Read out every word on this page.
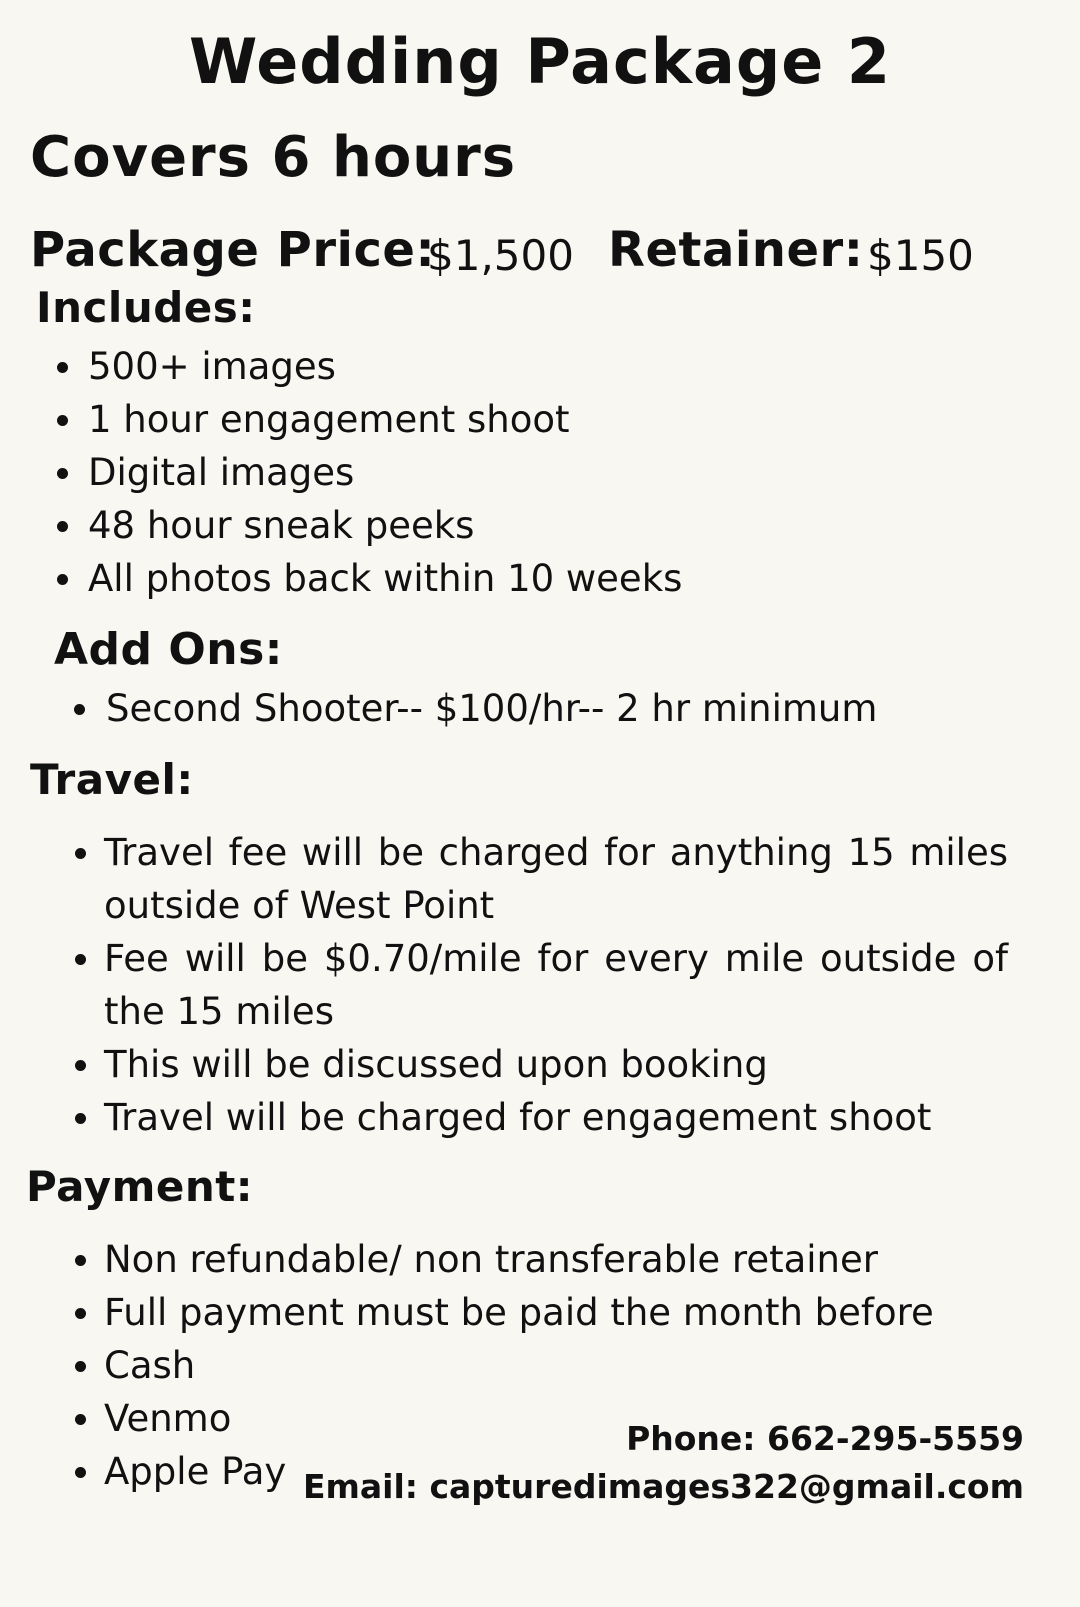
Wedding Package 2
Covers 6 hours
Package Price:
$1,500 Retainer: $150
Includes:
500+ images
1 hour engagement shoot
Digital images
48 hour sneak peeks
All photos back within 10 weeks
Add Ons:
Second Shooter-- $100/hr-- 2 hr minimum
Travel:
Travel fee will be charged for anything 15 miles outside of West Point
Fee will be $0.70/mile for every mile outside of the 15 miles
This will be discussed upon booking
Travel will be charged for engagement shoot
Payment:
Non refundable/ non transferable retainer
Full payment must be paid the month before
Cash
Venmo
Apple Pay
Phone: 662-295-5559
Email: capturedimages322@gmail.com
